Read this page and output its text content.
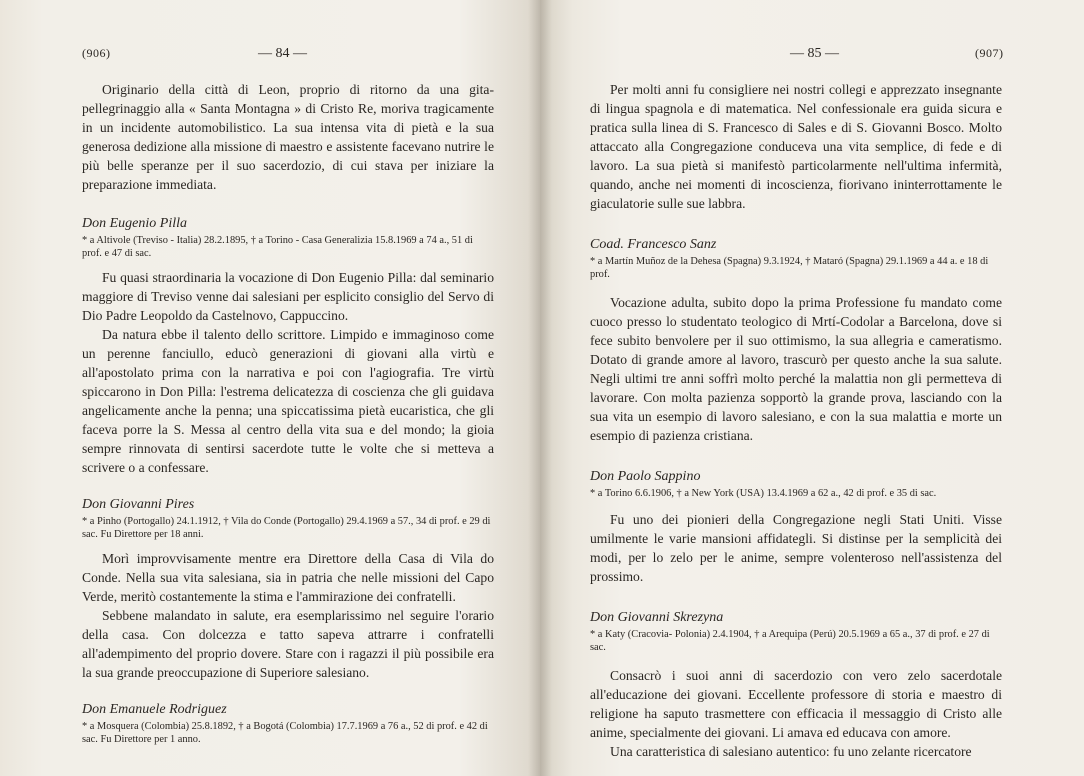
(906)	— 84 —

Originario della città di Leon, proprio di ritorno da una gita-pellegrinaggio alla « Santa Montagna » di Cristo Re, moriva tragicamente in un incidente automobilistico. La sua intensa vita di pietà e la sua generosa dedizione alla missione di maestro e assistente facevano nutrire le più belle speranze per il suo sacerdozio, di cui stava per iniziare la preparazione immediata.

Don Eugenio Pilla
* a Altivole (Treviso - Italia) 28.2.1895, † a Torino - Casa Generalizia 15.8.1969 a 74 a., 51 di prof. e 47 di sac.

Fu quasi straordinaria la vocazione di Don Eugenio Pilla: dal seminario maggiore di Treviso venne dai salesiani per esplicito consiglio del Servo di Dio Padre Leopoldo da Castelnovo, Cappuccino.

Da natura ebbe il talento dello scrittore. Limpido e immaginoso come un perenne fanciullo, educò generazioni di giovani alla virtù e all'apostolato prima con la narrativa e poi con l'agiografia. Tre virtù spiccarono in Don Pilla: l'estrema delicatezza di coscienza che gli guidava angelicamente anche la penna; una spiccatissima pietà eucaristica, che gli faceva porre la S. Messa al centro della vita sua e del mondo; la gioia sempre rinnovata di sentirsi sacerdote tutte le volte che si metteva a scrivere o a confessare.

Don Giovanni Pires
* a Pinho (Portogallo) 24.1.1912, † Vila do Conde (Portogallo) 29.4.1969 a 57., 34 di prof. e 29 di sac. Fu Direttore per 18 anni.

Morì improvvisamente mentre era Direttore della Casa di Vila do Conde. Nella sua vita salesiana, sia in patria che nelle missioni del Capo Verde, meritò costantemente la stima e l'ammirazione dei confratelli.

Sebbene malandato in salute, era esemplarissimo nel seguire l'orario della casa. Con dolcezza e tatto sapeva attrarre i confratelli all'adempimento del proprio dovere. Stare con i ragazzi il più possibile era la sua grande preoccupazione di Superiore salesiano.

Don Emanuele Rodriguez
* a Mosquera (Colombia) 25.8.1892, † a Bogotá (Colombia) 17.7.1969 a 76 a., 52 di prof. e 42 di sac. Fu Direttore per 1 anno.
— 85 —	(907)

Per molti anni fu consigliere nei nostri collegi e apprezzato insegnante di lingua spagnola e di matematica. Nel confessionale era guida sicura e pratica sulla linea di S. Francesco di Sales e di S. Giovanni Bosco. Molto attaccato alla Congregazione conduceva una vita semplice, di fede e di lavoro. La sua pietà si manifestò particolarmente nell'ultima infermità, quando, anche nei momenti di incoscienza, fiorivano ininterrottamente le giaculatorie sulle sue labbra.

Coad. Francesco Sanz
* a Martín Muñoz de la Dehesa (Spagna) 9.3.1924, † Mataró (Spagna) 29.1.1969 a 44 a. e 18 di prof.

Vocazione adulta, subito dopo la prima Professione fu mandato come cuoco presso lo studentato teologico di Mrtí-Codolar a Barcelona, dove si fece subito benvolere per il suo ottimismo, la sua allegria e cameratismo. Dotato di grande amore al lavoro, trascurò per questo anche la sua salute. Negli ultimi tre anni soffrì molto perché la malattia non gli permetteva di lavorare. Con molta pazienza sopportò la grande prova, lasciando con la sua vita un esempio di lavoro salesiano, e con la sua malattia e morte un esempio di pazienza cristiana.

Don Paolo Sappino
* a Torino 6.6.1906, † a New York (USA) 13.4.1969 a 62 a., 42 di prof. e 35 di sac.

Fu uno dei pionieri della Congregazione negli Stati Uniti. Visse umilmente le varie mansioni affidategli. Si distinse per la semplicità dei modi, per lo zelo per le anime, sempre volenteroso nell'assistenza del prossimo.

Don Giovanni Skrezyna
* a Katy (Cracovia- Polonia) 2.4.1904, † a Arequipa (Perú) 20.5.1969 a 65 a., 37 di prof. e 27 di sac.

Consacrò i suoi anni di sacerdozio con vero zelo sacerdotale all'educazione dei giovani. Eccellente professore di storia e maestro di religione ha saputo trasmettere con efficacia il messaggio di Cristo alle anime, specialmente dei giovani. Li amava ed educava con amore.

Una caratteristica di salesiano autentico: fu uno zelante ricercatore
